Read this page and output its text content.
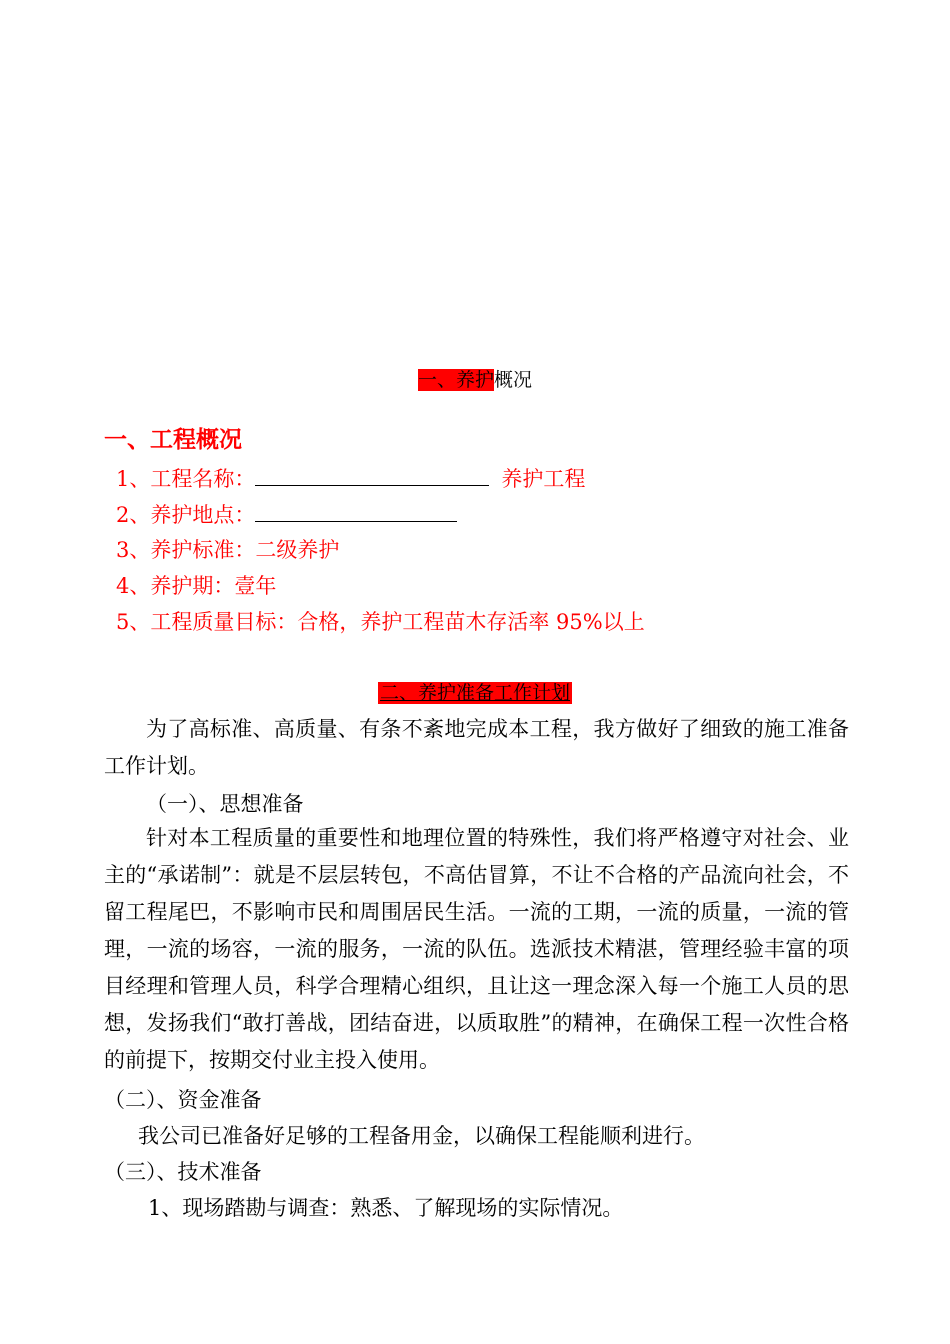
一、养护概况
一、工程概况
1、工程名称：	养护工程
2、养护地点：
3、养护标准：二级养护
4、养护期：壹年
5、工程质量目标：合格，养护工程苗木存活率 95%以上
二、养护准备工作计划
为了高标准、高质量、有条不紊地完成本工程，我方做好了细致的施工准备工作计划。
（一）、思想准备
针对本工程质量的重要性和地理位置的特殊性，我们将严格遵守对社会、业主的“承诺制”：就是不层层转包，不高估冒算，不让不合格的产品流向社会，不留工程尾巴，不影响市民和周围居民生活。一流的工期，一流的质量，一流的管理，一流的场容，一流的服务，一流的队伍。选派技术精湛，管理经验丰富的项目经理和管理人员，科学合理精心组织，且让这一理念深入每一个施工人员的思想，发扬我们“敢打善战，团结奋进，以质取胜”的精神，在确保工程一次性合格的前提下，按期交付业主投入使用。
（二）、资金准备
我公司已准备好足够的工程备用金，以确保工程能顺利进行。
（三）、技术准备
1、现场踏勘与调查：熟悉、了解现场的实际情况。
